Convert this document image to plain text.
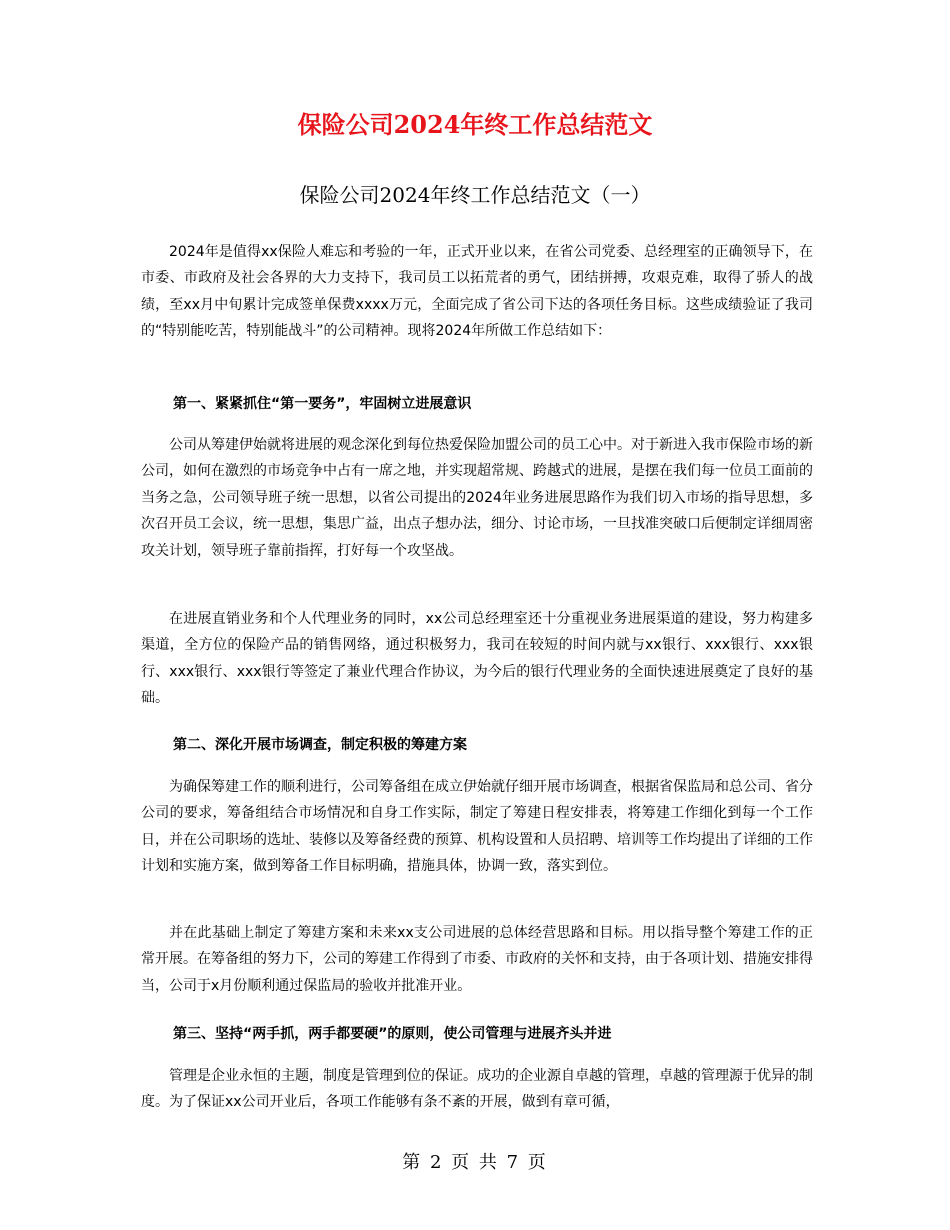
保险公司2024年终工作总结范文
保险公司2024年终工作总结范文（一）

2024年是值得xx保险人难忘和考验的一年，正式开业以来，在省公司党委、总经理室的正确领导下，在市委、市政府及社会各界的大力支持下，我司员工以拓荒者的勇气，团结拼搏，攻艰克难，取得了骄人的战绩，至xx月中旬累计完成签单保费xxxx万元，全面完成了省公司下达的各项任务目标。这些成绩验证了我司的“特别能吃苦，特别能战斗”的公司精神。现将2024年所做工作总结如下：

第一、紧紧抓住“第一要务”，牢固树立进展意识

公司从筹建伊始就将进展的观念深化到每位热爱保险加盟公司的员工心中。对于新进入我市保险市场的新公司，如何在激烈的市场竞争中占有一席之地，并实现超常规、跨越式的进展，是摆在我们每一位员工面前的当务之急，公司领导班子统一思想，以省公司提出的2024年业务进展思路作为我们切入市场的指导思想，多次召开员工会议，统一思想，集思广益，出点子想办法，细分、讨论市场，一旦找准突破口后便制定详细周密攻关计划，领导班子靠前指挥，打好每一个攻坚战。

在进展直销业务和个人代理业务的同时，xx公司总经理室还十分重视业务进展渠道的建设，努力构建多渠道，全方位的保险产品的销售网络，通过积极努力，我司在较短的时间内就与xx银行、xxx银行、xxx银行、xxx银行、xxx银行等签定了兼业代理合作协议，为今后的银行代理业务的全面快速进展奠定了良好的基础。

第二、深化开展市场调查，制定积极的筹建方案

为确保筹建工作的顺利进行，公司筹备组在成立伊始就仔细开展市场调查，根据省保监局和总公司、省分公司的要求，筹备组结合市场情况和自身工作实际，制定了筹建日程安排表，将筹建工作细化到每一个工作日，并在公司职场的选址、装修以及筹备经费的预算、机构设置和人员招聘、培训等工作均提出了详细的工作计划和实施方案，做到筹备工作目标明确，措施具体，协调一致，落实到位。

并在此基础上制定了筹建方案和未来xx支公司进展的总体经营思路和目标。用以指导整个筹建工作的正常开展。在筹备组的努力下，公司的筹建工作得到了市委、市政府的关怀和支持，由于各项计划、措施安排得当，公司于x月份顺利通过保监局的验收并批准开业。

第三、坚持“两手抓，两手都要硬”的原则，使公司管理与进展齐头并进

管理是企业永恒的主题，制度是管理到位的保证。成功的企业源自卓越的管理，卓越的管理源于优异的制度。为了保证xx公司开业后，各项工作能够有条不紊的开展，做到有章可循，

第 2 页 共 7 页
